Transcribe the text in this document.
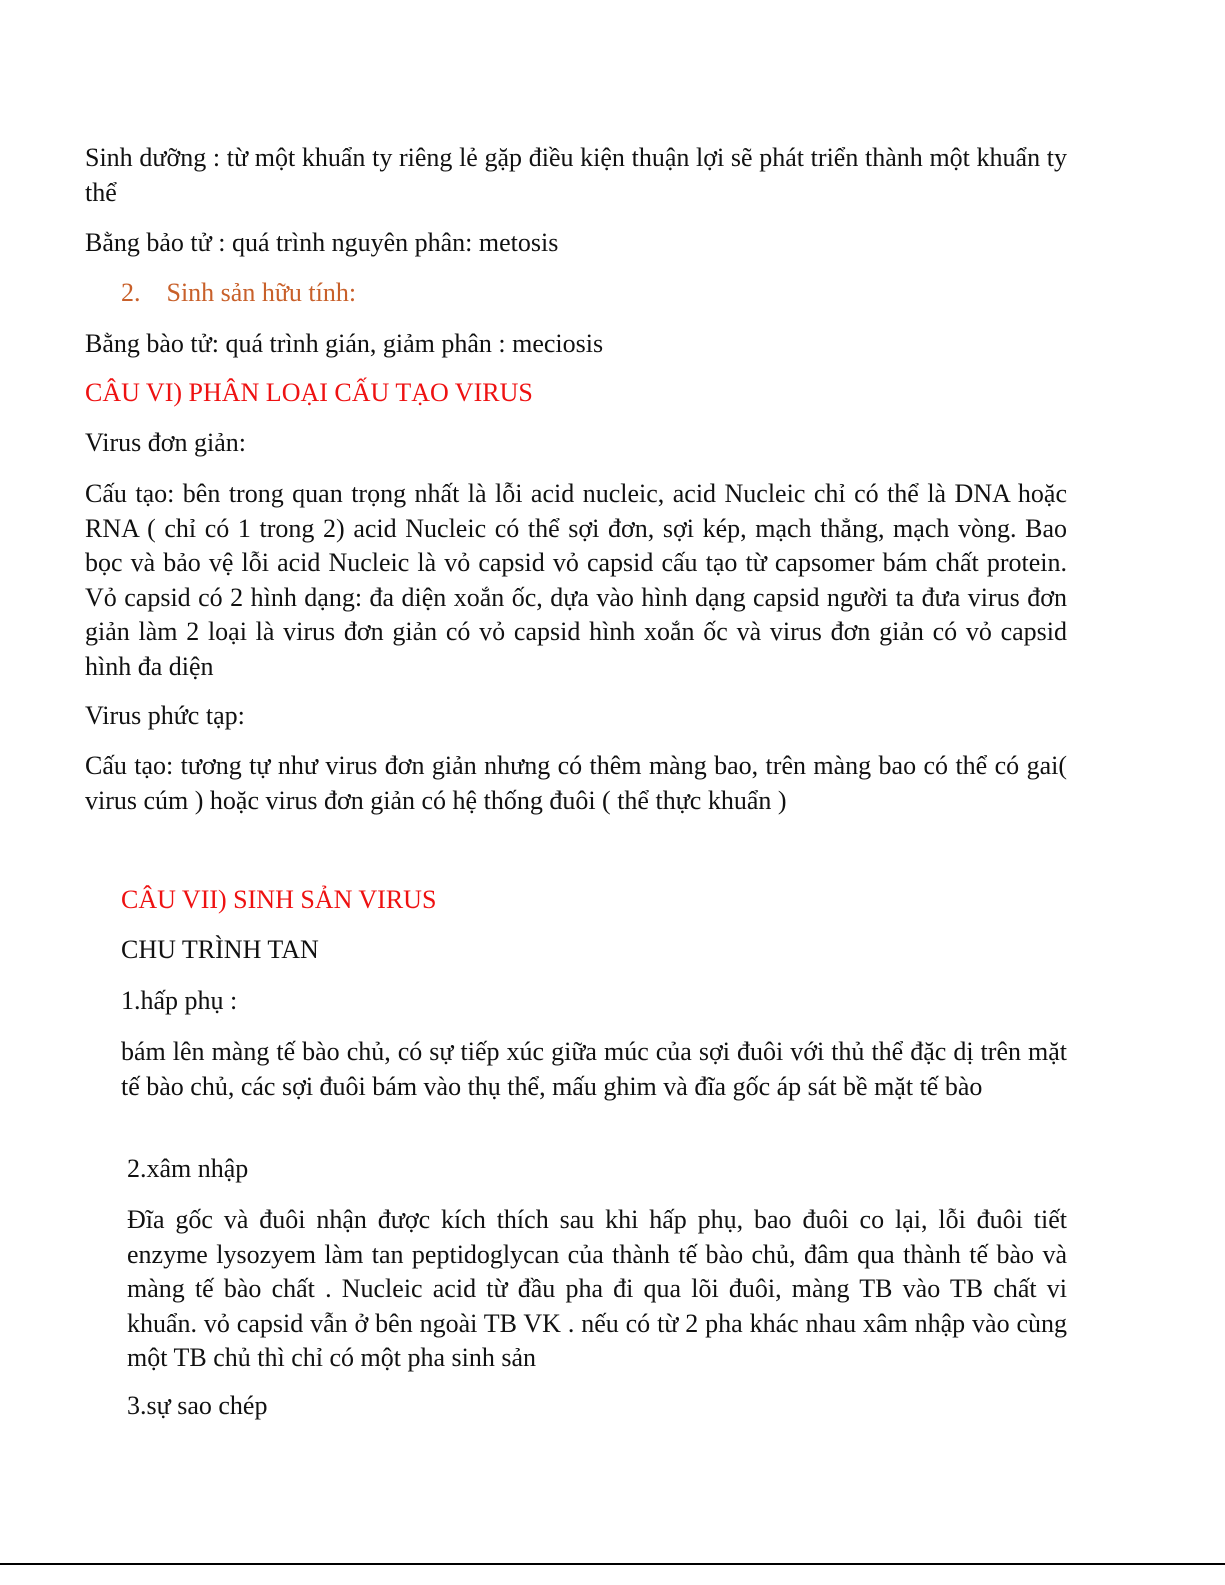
Sinh dưỡng : từ một khuẩn ty riêng lẻ gặp điều kiện thuận lợi sẽ phát triển thành một khuẩn ty thể

Bằng bảo tử : quá trình nguyên phân: metosis

2.    Sinh sản hữu tính:

Bằng bào tử: quá trình gián, giảm phân : meciosis

CÂU VI) PHÂN LOẠI CẤU TẠO VIRUS

Virus đơn giản:

Cấu tạo: bên trong quan trọng nhất là lỗi acid nucleic, acid Nucleic chỉ có thể là DNA hoặc RNA ( chỉ có 1 trong 2) acid Nucleic có thể sợi đơn, sợi kép, mạch thẳng, mạch vòng. Bao bọc và bảo vệ lỗi acid Nucleic là vỏ capsid vỏ capsid cấu tạo từ capsomer bám chất protein. Vỏ capsid có 2 hình dạng: đa diện xoắn ốc, dựa vào hình dạng capsid người ta đưa virus đơn giản làm 2 loại là virus đơn giản có vỏ capsid hình xoắn ốc và virus đơn giản có vỏ capsid hình đa diện

Virus phức tạp:

Cấu tạo: tương tự như virus đơn giản nhưng có thêm màng bao, trên màng bao có thể có gai( virus cúm ) hoặc virus đơn giản có hệ thống đuôi ( thể thực khuẩn )

CÂU VII) SINH SẢN VIRUS

CHU TRÌNH TAN

1.hấp phụ :

bám lên màng tế bào chủ, có sự tiếp xúc giữa múc của sợi đuôi với thủ thể đặc dị trên mặt tế bào chủ, các sợi đuôi bám vào thụ thể, mấu ghim và đĩa gốc áp sát bề mặt tế bào

2.xâm nhập

Đĩa gốc và đuôi nhận được kích thích sau khi hấp phụ, bao đuôi co lại, lỗi đuôi tiết enzyme lysozyem làm tan peptidoglycan của thành tế bào chủ, đâm qua thành tế bào và màng tế bào chất . Nucleic acid từ đầu pha đi qua lõi đuôi, màng TB vào TB chất vi khuẩn. vỏ capsid vẫn ở bên ngoài TB VK . nếu có từ 2 pha khác nhau xâm nhập vào cùng một TB chủ thì chỉ có một pha sinh sản

3.sự sao chép
